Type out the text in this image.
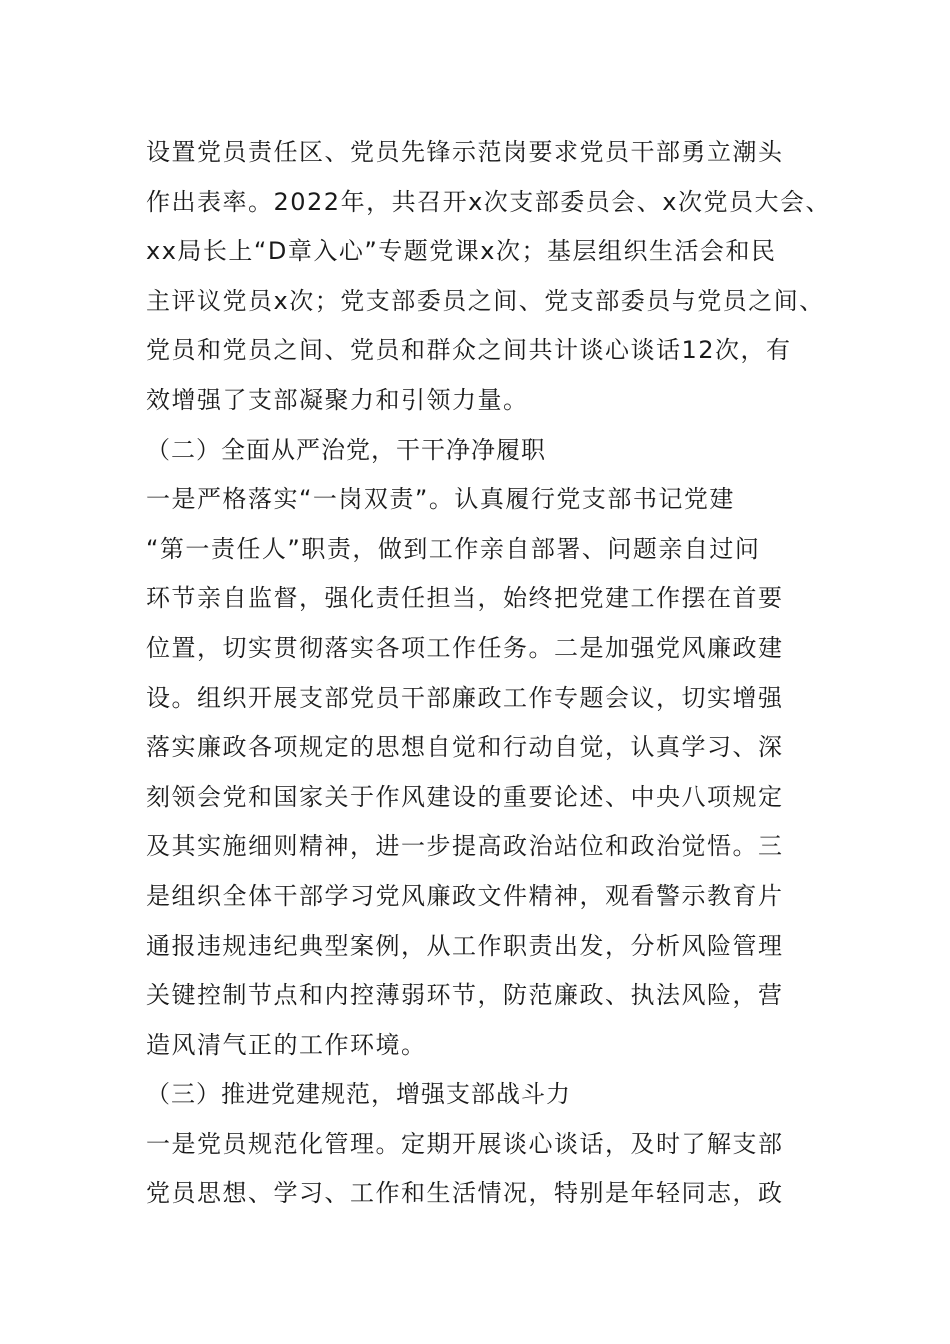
设置党员责任区、党员先锋示范岗要求党员干部勇立潮头
作出表率。2022年，共召开x次支部委员会、x次党员大会、
xx局长上“D章入心”专题党课x次；基层组织生活会和民
主评议党员x次；党支部委员之间、党支部委员与党员之间、
党员和党员之间、党员和群众之间共计谈心谈话12次，有
效增强了支部凝聚力和引领力量。
（二）全面从严治党，干干净净履职
一是严格落实“一岗双责”。认真履行党支部书记党建
“第一责任人”职责，做到工作亲自部署、问题亲自过问
环节亲自监督，强化责任担当，始终把党建工作摆在首要
位置，切实贯彻落实各项工作任务。二是加强党风廉政建
设。组织开展支部党员干部廉政工作专题会议，切实增强
落实廉政各项规定的思想自觉和行动自觉，认真学习、深
刻领会党和国家关于作风建设的重要论述、中央八项规定
及其实施细则精神，进一步提高政治站位和政治觉悟。三
是组织全体干部学习党风廉政文件精神，观看警示教育片
通报违规违纪典型案例，从工作职责出发，分析风险管理
关键控制节点和内控薄弱环节，防范廉政、执法风险，营
造风清气正的工作环境。
（三）推进党建规范，增强支部战斗力
一是党员规范化管理。定期开展谈心谈话，及时了解支部
党员思想、学习、工作和生活情况，特别是年轻同志，政
